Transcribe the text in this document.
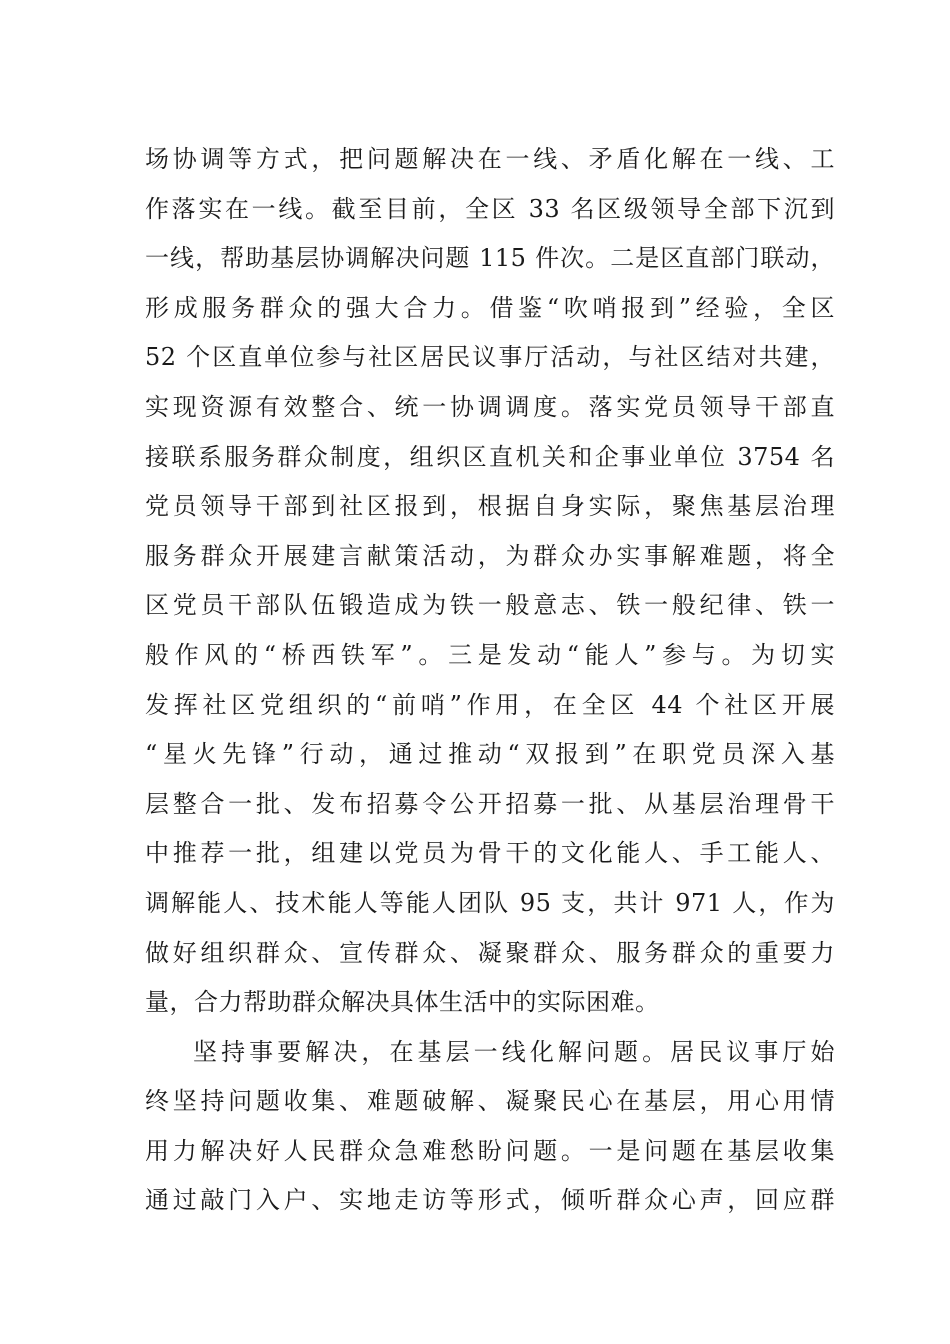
场协调等方式，把问题解决在一线、矛盾化解在一线、工
作落实在一线。截至目前，全区 33 名区级领导全部下沉到
一线，帮助基层协调解决问题 115 件次。二是区直部门联动，
形成服务群众的强大合力。借鉴“吹哨报到”经验，全区
52 个区直单位参与社区居民议事厅活动，与社区结对共建，
实现资源有效整合、统一协调调度。落实党员领导干部直
接联系服务群众制度，组织区直机关和企事业单位 3754 名
党员领导干部到社区报到，根据自身实际，聚焦基层治理
服务群众开展建言献策活动，为群众办实事解难题，将全
区党员干部队伍锻造成为铁一般意志、铁一般纪律、铁一
般作风的“桥西铁军”。三是发动“能人”参与。为切实
发挥社区党组织的“前哨”作用，在全区 44 个社区开展
“星火先锋”行动，通过推动“双报到”在职党员深入基
层整合一批、发布招募令公开招募一批、从基层治理骨干
中推荐一批，组建以党员为骨干的文化能人、手工能人、
调解能人、技术能人等能人团队 95 支，共计 971 人，作为
做好组织群众、宣传群众、凝聚群众、服务群众的重要力
量，合力帮助群众解决具体生活中的实际困难。
坚持事要解决，在基层一线化解问题。居民议事厅始
终坚持问题收集、难题破解、凝聚民心在基层，用心用情
用力解决好人民群众急难愁盼问题。一是问题在基层收集
通过敲门入户、实地走访等形式，倾听群众心声，回应群
